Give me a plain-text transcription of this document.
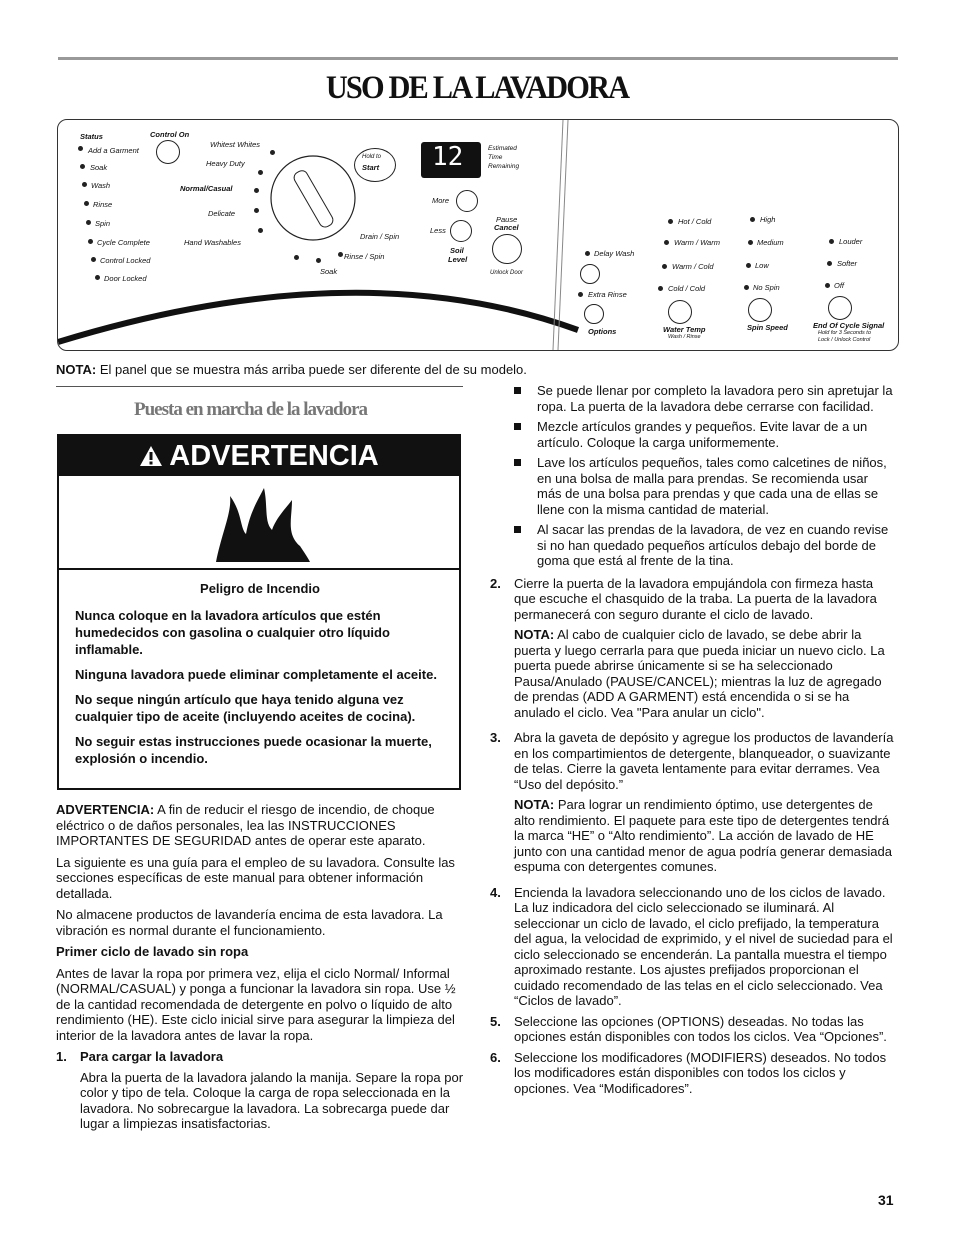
USO DE LA LAVADORA
Status
Add a Garment
Soak
Wash
Rinse
Spin
Cycle Complete
Control Locked
Door Locked
Control On
Whitest Whites
Heavy Duty
Normal/Casual
Delicate
Hand Washables
Drain / Spin
Rinse / Spin
Soak
Hold to
Start 12	Estimated
Time
Remaining
More
Less
Soil
Level
Pause
Cancel
Unlock Door
Delay Wash
Extra Rinse
Options
Hot / Cold
Warm / Warm
Warm / Cold
Cold / Cold
Water Temp
Wash / Rinse
High
Medium
Low
No Spin
Spin Speed
Louder
Softer
Off
End Of Cycle Signal
Hold for 3 Seconds to
Lock / Unlock Control
NOTA: El panel que se muestra más arriba puede ser diferente del de su modelo.
Puesta en marcha de la lavadora
ADVERTENCIA

Peligro de Incendio

Nunca coloque en la lavadora artículos que estén humedecidos con gasolina o cualquier otro líquido inflamable.

Ninguna lavadora puede eliminar completamente el aceite.

No seque ningún artículo que haya tenido alguna vez cualquier tipo de aceite (incluyendo aceites de cocina).

No seguir estas instrucciones puede ocasionar la muerte, explosión o incendio.

ADVERTENCIA: A fin de reducir el riesgo de incendio, de choque eléctrico o de daños personales, lea las INSTRUCCIONES IMPORTANTES DE SEGURIDAD antes de operar este aparato.

La siguiente es una guía para el empleo de su lavadora. Consulte las secciones específicas de este manual para obtener información detallada.

No almacene productos de lavandería encima de esta lavadora. La vibración es normal durante el funcionamiento.

Primer ciclo de lavado sin ropa

Antes de lavar la ropa por primera vez, elija el ciclo Normal/ Informal (NORMAL/CASUAL) y ponga a funcionar la lavadora sin ropa. Use ½ de la cantidad recomendada de detergente en polvo o líquido de alto rendimiento (HE). Este ciclo inicial sirve para asegurar la limpieza del interior de la lavadora antes de lavar la ropa.

1. Para cargar la lavadora
Abra la puerta de la lavadora jalando la manija. Separe la ropa por color y tipo de tela. Coloque la carga de ropa seleccionada en la lavadora. No sobrecargue la lavadora. La sobrecarga puede dar lugar a limpiezas insatisfactorias.
Se puede llenar por completo la lavadora pero sin apretujar la ropa. La puerta de la lavadora debe cerrarse con facilidad.
Mezcle artículos grandes y pequeños. Evite lavar de a un artículo. Coloque la carga uniformemente.
Lave los artículos pequeños, tales como calcetines de niños, en una bolsa de malla para prendas. Se recomienda usar más de una bolsa para prendas y que cada una de ellas se llene con la misma cantidad de material.
Al sacar las prendas de la lavadora, de vez en cuando revise si no han quedado pequeños artículos debajo del borde de goma que está al frente de la tina.
2. Cierre la puerta de la lavadora empujándola con firmeza hasta que escuche el chasquido de la traba. La puerta de la lavadora permanecerá con seguro durante el ciclo de lavado.
NOTA: Al cabo de cualquier ciclo de lavado, se debe abrir la puerta y luego cerrarla para que pueda iniciar un nuevo ciclo. La puerta puede abrirse únicamente si se ha seleccionado Pausa/Anulado (PAUSE/CANCEL); mientras la luz de agregado de prendas (ADD A GARMENT) está encendida o si se ha anulado el ciclo. Vea "Para anular un ciclo".
3. Abra la gaveta de depósito y agregue los productos de lavandería en los compartimientos de detergente, blanqueador, o suavizante de telas. Cierre la gaveta lentamente para evitar derrames. Vea “Uso del depósito.”
NOTA: Para lograr un rendimiento óptimo, use detergentes de alto rendimiento. El paquete para este tipo de detergentes tendrá la marca “HE” o “Alto rendimiento”. La acción de lavado de HE junto con una cantidad menor de agua podría generar demasiada espuma con detergentes comunes.
4. Encienda la lavadora seleccionando uno de los ciclos de lavado. La luz indicadora del ciclo seleccionado se iluminará. Al seleccionar un ciclo de lavado, el ciclo prefijado, la temperatura del agua, la velocidad de exprimido, y el nivel de suciedad para el ciclo seleccionado se encenderán. La pantalla muestra el tiempo aproximado restante. Los ajustes prefijados proporcionan el cuidado recomendado de las telas en el ciclo seleccionado. Vea “Ciclos de lavado”.
5. Seleccione las opciones (OPTIONS) deseadas. No todas las opciones están disponibles con todos los ciclos. Vea “Opciones”.
6. Seleccione los modificadores (MODIFIERS) deseados. No todos los modificadores están disponibles con todos los ciclos y opciones. Vea “Modificadores”.
31
